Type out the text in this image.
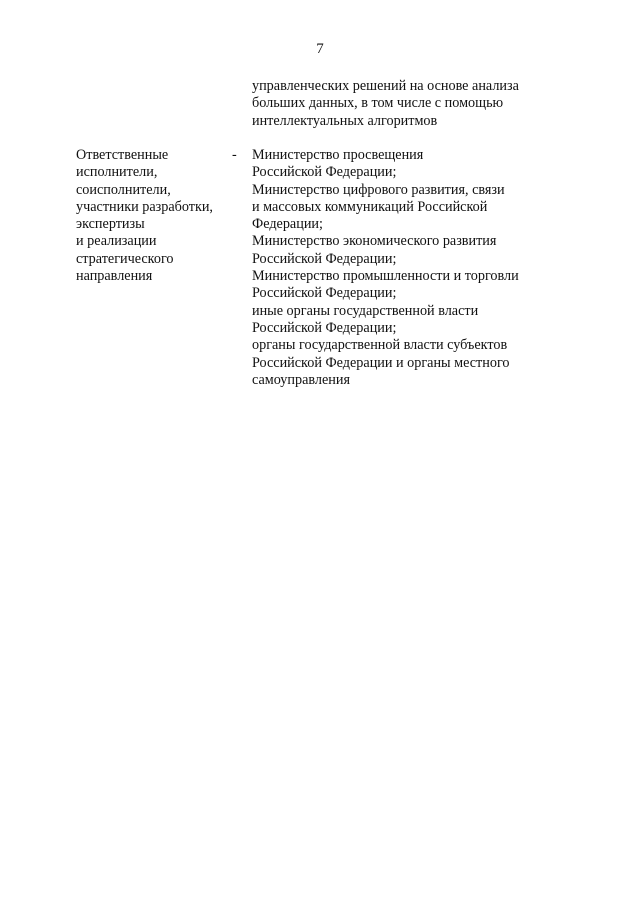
7
управленческих решений на основе анализа
больших данных, в том числе с помощью
интеллектуальных алгоритмов
Ответственные
исполнители,
соисполнители,
участники разработки,
экспертизы
и реализации
стратегического
направления
- Министерство просвещения
Российской Федерации;
Министерство цифрового развития, связи
и массовых коммуникаций Российской
Федерации;
Министерство экономического развития
Российской Федерации;
Министерство промышленности и торговли
Российской Федерации;
иные органы государственной власти
Российской Федерации;
органы государственной власти субъектов
Российской Федерации и органы местного
самоуправления
